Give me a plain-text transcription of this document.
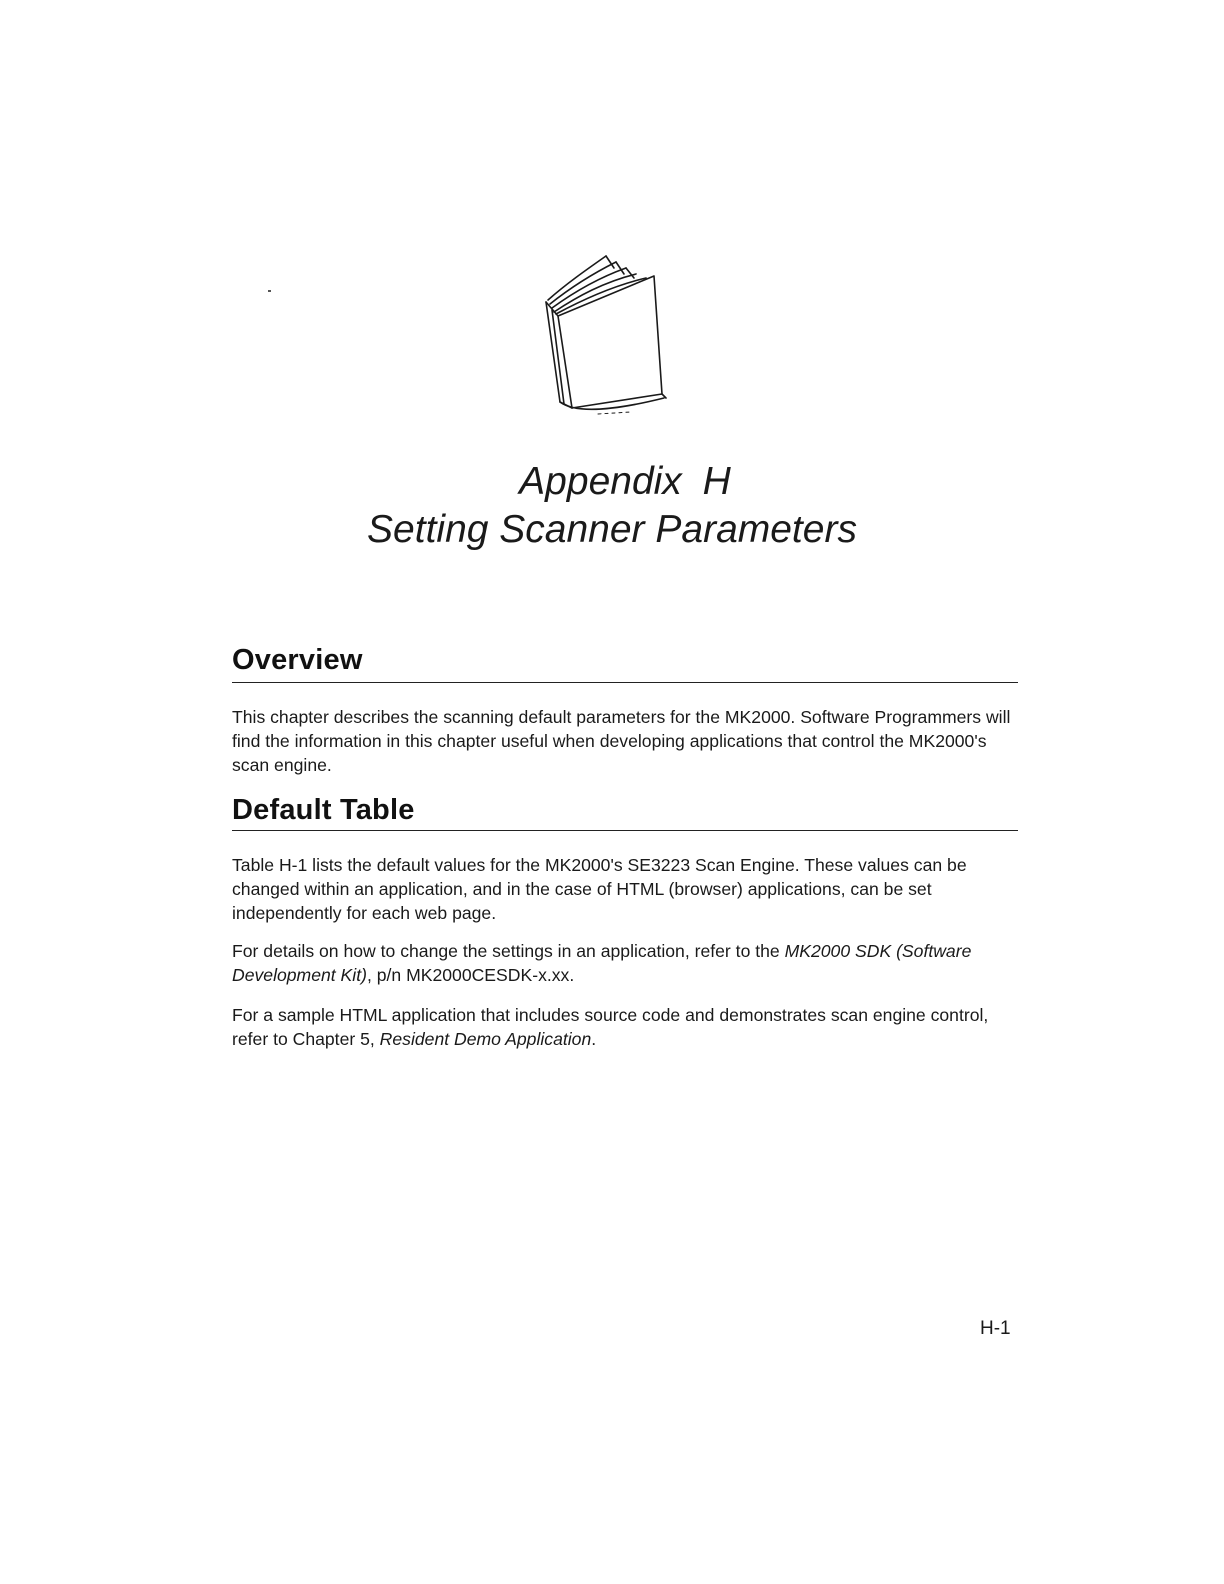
Appendix H
Setting Scanner Parameters
Overview
This chapter describes the scanning default parameters for the MK2000. Software Programmers will find the information in this chapter useful when developing applications that control the MK2000's scan engine.
Default Table
Table H-1 lists the default values for the MK2000's SE3223 Scan Engine. These values can be changed within an application, and in the case of HTML (browser) applications, can be set independently for each web page.
For details on how to change the settings in an application, refer to the MK2000 SDK (Software Development Kit), p/n MK2000CESDK-x.xx.
For a sample HTML application that includes source code and demonstrates scan engine control, refer to Chapter 5, Resident Demo Application.
H-1
